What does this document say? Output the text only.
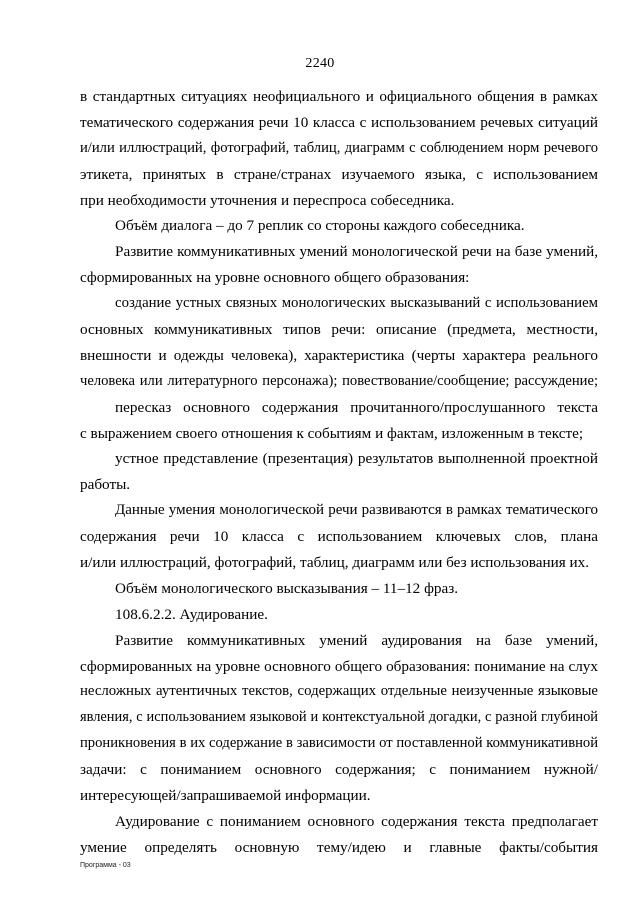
2240
в стандартных ситуациях неофициального и официального общения в рамках
тематического содержания речи 10 класса с использованием речевых ситуаций
и/или иллюстраций, фотографий, таблиц, диаграмм с соблюдением норм речевого
этикета, принятых в стране/странах изучаемого языка, с использованием
при необходимости уточнения и переспроса собеседника.
Объём диалога – до 7 реплик со стороны каждого собеседника.
Развитие коммуникативных умений монологической речи на базе умений,
сформированных на уровне основного общего образования:
создание устных связных монологических высказываний с использованием
основных коммуникативных типов речи: описание (предмета, местности,
внешности и одежды человека), характеристика (черты характера реального
человека или литературного персонажа); повествование/сообщение; рассуждение;
пересказ основного содержания прочитанного/прослушанного текста
с выражением своего отношения к событиям и фактам, изложенным в тексте;
устное представление (презентация) результатов выполненной проектной
работы.
Данные умения монологической речи развиваются в рамках тематического
содержания речи 10 класса с использованием ключевых слов, плана
и/или иллюстраций, фотографий, таблиц, диаграмм или без использования их.
Объём монологического высказывания – 11–12 фраз.
108.6.2.2. Аудирование.
Развитие коммуникативных умений аудирования на базе умений,
сформированных на уровне основного общего образования: понимание на слух
несложных аутентичных текстов, содержащих отдельные неизученные языковые
явления, с использованием языковой и контекстуальной догадки, с разной глубиной
проникновения в их содержание в зависимости от поставленной коммуникативной
задачи: с пониманием основного содержания; с пониманием нужной/
интересующей/запрашиваемой информации.
Аудирование с пониманием основного содержания текста предполагает
умение определять основную тему/идею и главные факты/события
Программа - 03
